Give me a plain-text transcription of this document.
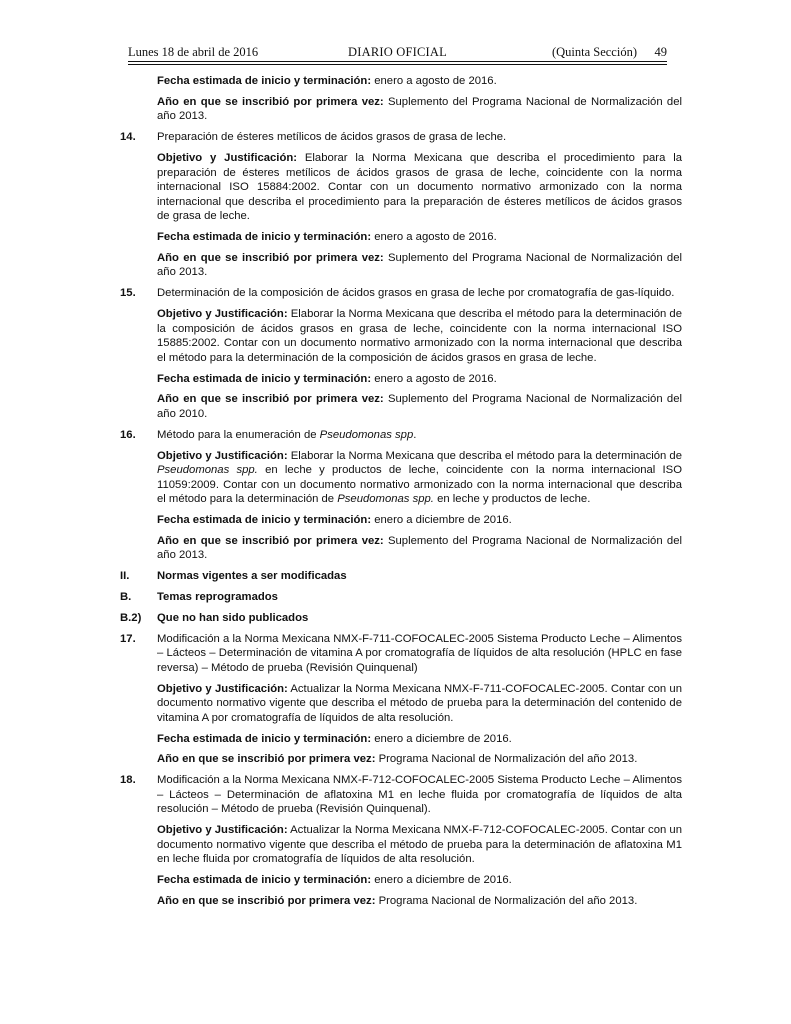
Lunes 18 de abril de 2016	DIARIO OFICIAL	(Quinta Sección) 49

Fecha estimada de inicio y terminación: enero a agosto de 2016.

Año en que se inscribió por primera vez: Suplemento del Programa Nacional de Normalización del año 2013.

14. Preparación de ésteres metílicos de ácidos grasos de grasa de leche.

Objetivo y Justificación: Elaborar la Norma Mexicana que describa el procedimiento para la preparación de ésteres metílicos de ácidos grasos de grasa de leche, coincidente con la norma internacional ISO 15884:2002. Contar con un documento normativo armonizado con la norma internacional que describa el procedimiento para la preparación de ésteres metílicos de ácidos grasos de grasa de leche.

Fecha estimada de inicio y terminación: enero a agosto de 2016.

Año en que se inscribió por primera vez: Suplemento del Programa Nacional de Normalización del año 2013.

15. Determinación de la composición de ácidos grasos en grasa de leche por cromatografía de gas-líquido.

Objetivo y Justificación: Elaborar la Norma Mexicana que describa el método para la determinación de la composición de ácidos grasos en grasa de leche, coincidente con la norma internacional ISO 15885:2002. Contar con un documento normativo armonizado con la norma internacional que describa el método para la determinación de la composición de ácidos grasos en grasa de leche.

Fecha estimada de inicio y terminación: enero a agosto de 2016.

Año en que se inscribió por primera vez: Suplemento del Programa Nacional de Normalización del año 2010.

16. Método para la enumeración de Pseudomonas spp.

Objetivo y Justificación: Elaborar la Norma Mexicana que describa el método para la determinación de Pseudomonas spp. en leche y productos de leche, coincidente con la norma internacional ISO 11059:2009. Contar con un documento normativo armonizado con la norma internacional que describa el método para la determinación de Pseudomonas spp. en leche y productos de leche.

Fecha estimada de inicio y terminación: enero a diciembre de 2016.

Año en que se inscribió por primera vez: Suplemento del Programa Nacional de Normalización del año 2013.

II. Normas vigentes a ser modificadas
B. Temas reprogramados
B.2) Que no han sido publicados
17. Modificación a la Norma Mexicana NMX-F-711-COFOCALEC-2005 Sistema Producto Leche – Alimentos – Lácteos – Determinación de vitamina A por cromatografía de líquidos de alta resolución (HPLC en fase reversa) – Método de prueba (Revisión Quinquenal)

Objetivo y Justificación: Actualizar la Norma Mexicana NMX-F-711-COFOCALEC-2005. Contar con un documento normativo vigente que describa el método de prueba para la determinación del contenido de vitamina A por cromatografía de líquidos de alta resolución.

Fecha estimada de inicio y terminación: enero a diciembre de 2016.

Año en que se inscribió por primera vez: Programa Nacional de Normalización del año 2013.

18. Modificación a la Norma Mexicana NMX-F-712-COFOCALEC-2005 Sistema Producto Leche – Alimentos – Lácteos – Determinación de aflatoxina M1 en leche fluida por cromatografía de líquidos de alta resolución – Método de prueba (Revisión Quinquenal).

Objetivo y Justificación: Actualizar la Norma Mexicana NMX-F-712-COFOCALEC-2005. Contar con un documento normativo vigente que describa el método de prueba para la determinación de aflatoxina M1 en leche fluida por cromatografía de líquidos de alta resolución.

Fecha estimada de inicio y terminación: enero a diciembre de 2016.

Año en que se inscribió por primera vez: Programa Nacional de Normalización del año 2013.
